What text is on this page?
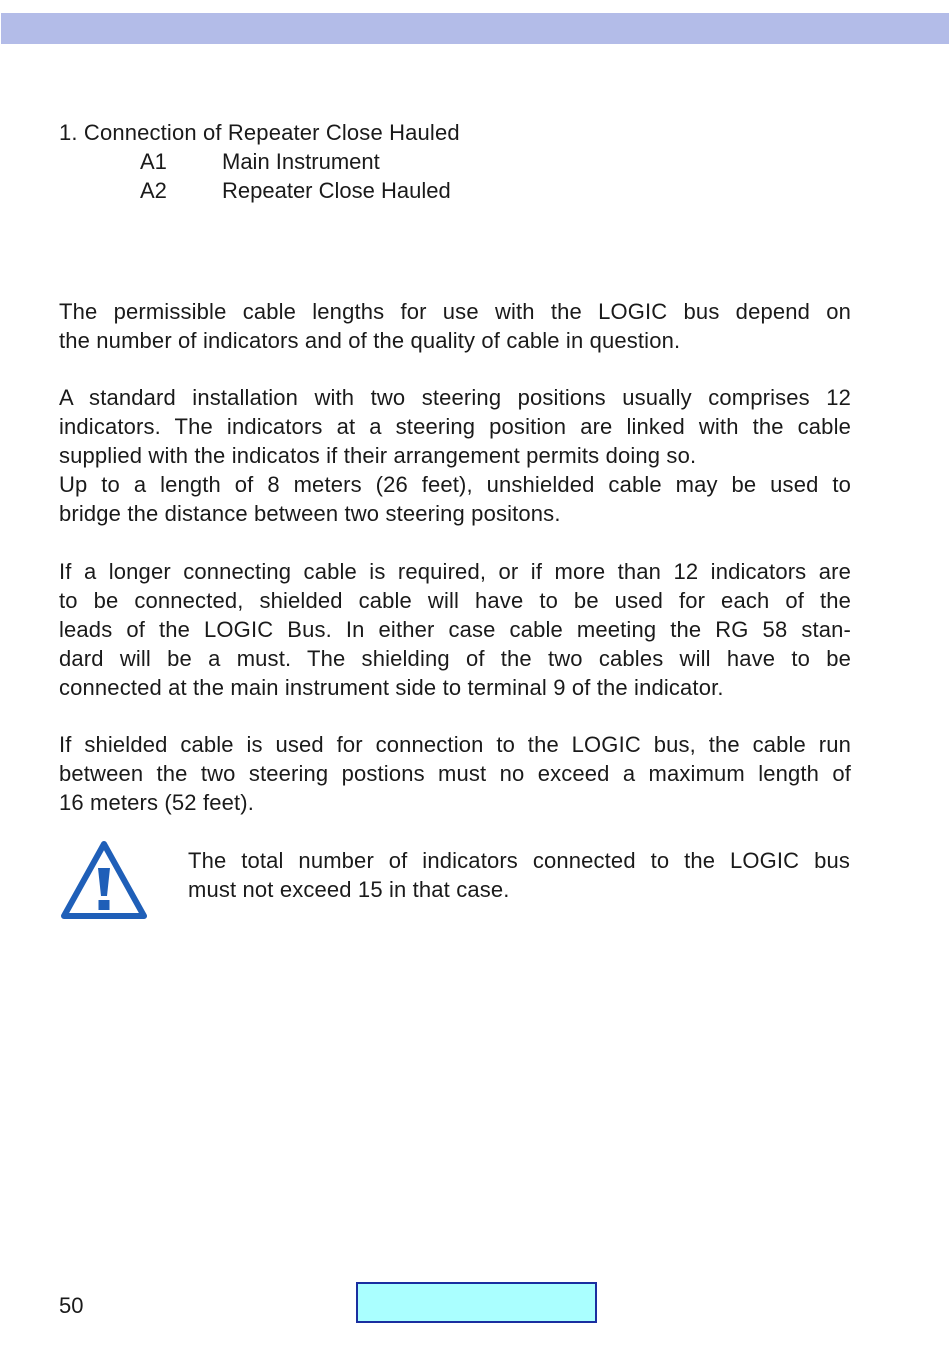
1. Connection of Repeater Close Hauled
A1	Main Instrument
A2	Repeater Close Hauled
The permissible cable lengths for use with the LOGIC bus depend on
the number of indicators and of the quality of cable in question.
A standard installation with two steering positions usually comprises 12
indicators. The indicators at a steering position are linked with the cable
supplied with the indicatos if their arrangement permits doing so.
Up to a length of 8 meters (26 feet), unshielded cable may be used to
bridge the distance between two steering positons.
If a longer connecting cable is required, or if more than 12 indicators are
to be connected, shielded cable will have to be used for each of the
leads of the LOGIC Bus. In either case cable meeting the RG 58 stan-
dard will be a must. The shielding of the two cables will have to be
connected at the main instrument side to terminal 9 of the indicator.
If shielded cable is used for connection to the LOGIC bus, the cable run
between the two steering postions must no exceed a maximum length of
16 meters (52 feet).
The total number of indicators connected to the LOGIC bus
must not exceed 15 in that case.
50
